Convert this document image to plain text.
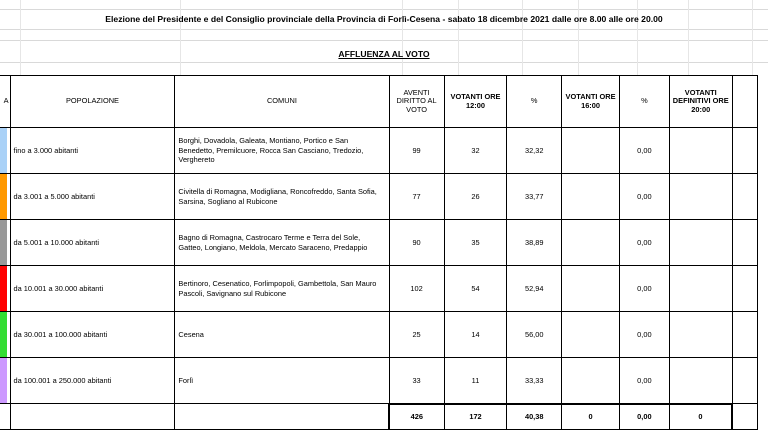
Elezione del Presidente e del Consiglio provinciale della Provincia di Forlì-Cesena - sabato 18 dicembre 2021 dalle ore 8.00 alle ore 20.00
AFFLUENZA AL VOTO
A	POPOLAZIONE	COMUNI	AVENTI DIRITTO AL VOTO	VOTANTI ORE 12:00	%	VOTANTI ORE 16:00	%	VOTANTI DEFINITIVI ORE 20:00	

	fino a 3.000 abitanti	Borghi, Dovadola, Galeata, Montiano, Portico e San Benedetto, Premilcuore, Rocca San Casciano, Tredozio, Verghereto	99	32	32,32		0,00		

	da 3.001 a 5.000 abitanti	Civitella di Romagna, Modigliana, Roncofreddo, Santa Sofia, Sarsina, Sogliano al Rubicone	77	26	33,77		0,00		

	da 5.001 a 10.000 abitanti	Bagno di Romagna, Castrocaro Terme e Terra del Sole, Gatteo, Longiano, Meldola, Mercato Saraceno, Predappio	90	35	38,89		0,00		

	da 10.001 a 30.000 abitanti	Bertinoro, Cesenatico, Forlimpopoli, Gambettola, San Mauro Pascoli, Savignano sul Rubicone	102	54	52,94		0,00		

	da 30.001 a 100.000 abitanti	Cesena	25	14	56,00		0,00		

	da 100.001 a 250.000 abitanti	Forlì	33	11	33,33		0,00		
			426	172	40,38	0	0,00	0	
